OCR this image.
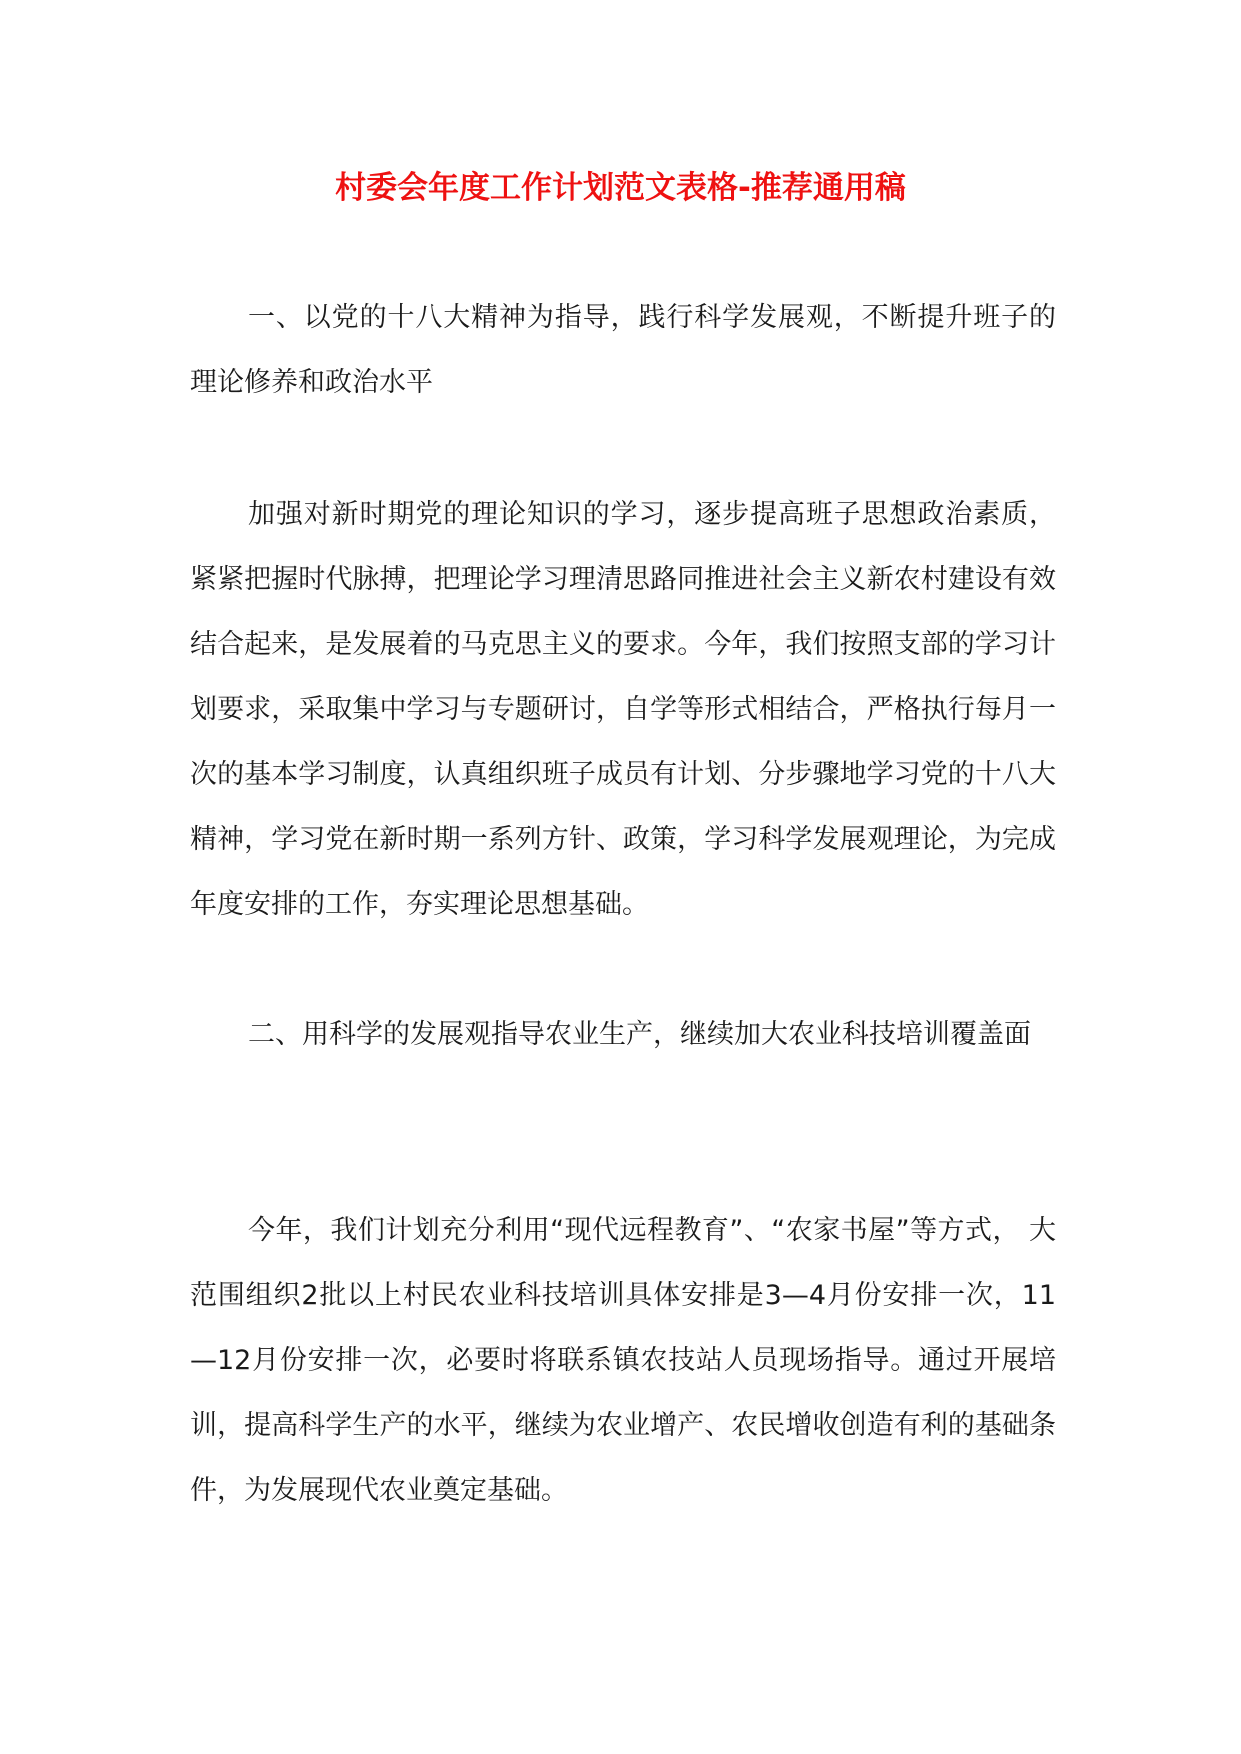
村委会年度工作计划范文表格-推荐通用稿

一、以党的十八大精神为指导，践行科学发展观，不断提升班子的理论修养和政治水平

加强对新时期党的理论知识的学习，逐步提高班子思想政治素质，紧紧把握时代脉搏，把理论学习理清思路同推进社会主义新农村建设有效结合起来，是发展着的马克思主义的要求。今年，我们按照支部的学习计划要求，采取集中学习与专题研讨，自学等形式相结合，严格执行每月一次的基本学习制度，认真组织班子成员有计划、分步骤地学习党的十八大精神，学习党在新时期一系列方针、政策，学习科学发展观理论，为完成年度安排的工作，夯实理论思想基础。

二、用科学的发展观指导农业生产，继续加大农业科技培训覆盖面

今年，我们计划充分利用“现代远程教育”、“农家书屋”等方式， 大范围组织2批以上村民农业科技培训具体安排是3—4月份安排一次，11—12月份安排一次，必要时将联系镇农技站人员现场指导。通过开展培训，提高科学生产的水平，继续为农业增产、农民增收创造有利的基础条件，为发展现代农业奠定基础。
